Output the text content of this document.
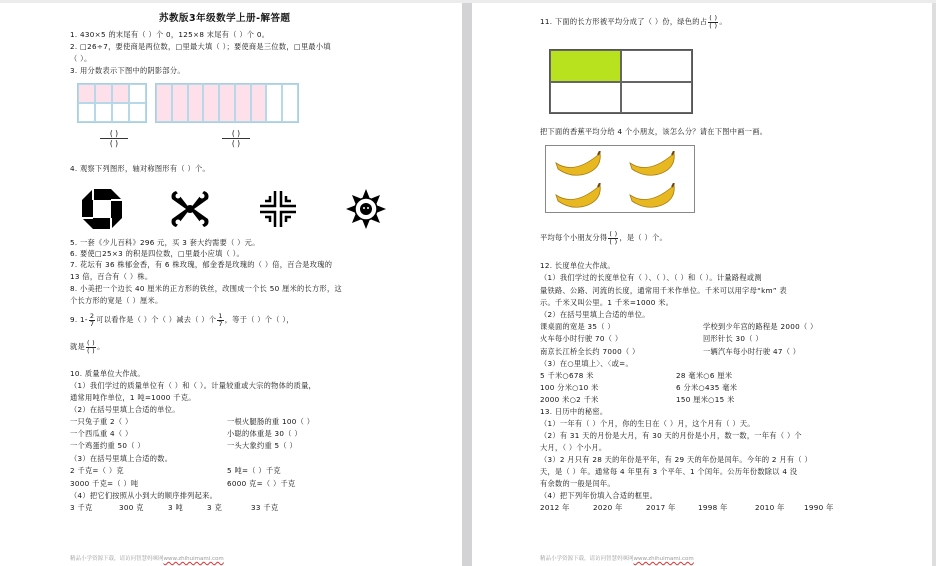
苏教版3年级数学上册-解答题
1. 430×5 的末尾有（ ）个 0，125×8 末尾有（ ）个 0。
2. □26÷7，要使商是两位数，□里最大填（ ）；要使商是三位数，□里最小填
（ ）。
3. 用分数表示下图中的阴影部分。
( )
( )
( )
( )
4. 观察下列图形，轴对称图形有（ ）个。
5. 一套《少儿百科》296 元，买 3 套大约需要（ ）元。
6. 要使□25×3 的积是四位数，□里最小应填（ ）。
7. 花坛有 36 株郁金香，有 6 株玫瑰，郁金香是玫瑰的（ ）倍，百合是玫瑰的
13 倍，百合有（ ）株。
8. 小美把一个边长 40 厘米的正方形的铁丝，改围成一个长 50 厘米的长方形，这
个长方形的宽是（ ）厘米。
9. $1- \frac{2}{7}$ 可以看作是（ ）个（ ）减去（ ）个 $\frac{1}{7}$ ，等于（ ）个（ ），
就是 $\frac{( )}{( )}$ 。
10. 质量单位大作战。
（1）我们学过的质量单位有（ ）和（ ）。计量较重或大宗的物体的质量，
通常用吨作单位，1 吨=1000 千克。
（2）在括号里填上合适的单位。
一只兔子重 2（ ）	一根火腿肠的重 100（ ）
一个西瓜重 4（ ）	小聪的体重是 30（ ）
一个鸡蛋约重 50（ ）	一头大象约重 5（ ）
（3）在括号里填上合适的数。
2 千克=（ ）克	5 吨=（ ）千克
3000 千克=（ ）吨	6000 克=（ ）千克
（4）把它们按照从小到大的顺序排列起来。
3 千克	300 克	3 吨	3 克	33 千克
精品小学资源下载，请访问智慧妈咪网www.zhihuimami.com
11. 下面的长方形被平均分成了（ ）份，绿色的占 $\frac{( )}{( )}$ 。
把下面的香蕉平均分给 4 个小朋友，该怎么分？请在下图中画一画。
平均每个小朋友分得 $\frac{( )}{( )}$ ，是（ ）个。
12. 长度单位大作战。
（1）我们学过的长度单位有（ ）、（ ）、（ ）和（ ）。计量路程或测
量铁路、公路、河流的长度，通常用千米作单位。千米可以用字母“km” 表
示。千米又叫公里。1 千米=1000 米。
（2）在括号里填上合适的单位。
课桌面的宽是 35（ ）	学校到少年宫的路程是 2000（ ）
火车每小时行驶 70（ ）	回形针长 30（ ）
南京长江桥全长约 7000（ ）	一辆汽车每小时行驶 47（ ）
（3）在○里填上〉、〈或=。
5 千米○678 米	28 毫米○6 厘米
100 分米○10 米	6 分米○435 毫米
2000 米○2 千米	150 厘米○15 米
13. 日历中的秘密。
（1）一年有（ ）个月，你的生日在（ ）月，这个月有（ ）天。
（2）有 31 天的月份是大月，有 30 天的月份是小月，数一数，一年有（ ）个
大月，（ ）个小月。
（3）2 月只有 28 天的年份是平年，有 29 天的年份是闰年。今年的 2 月有（ ）
天，是（ ）年。通常每 4 年里有 3 个平年、1 个闰年。公历年份数除以 4 没
有余数的一般是闰年。
（4）把下列年份填入合适的框里。
2012 年	2020 年	2017 年	1998 年	2010 年	1990 年
精品小学资源下载，请访问智慧妈咪网www.zhihuimami.com
